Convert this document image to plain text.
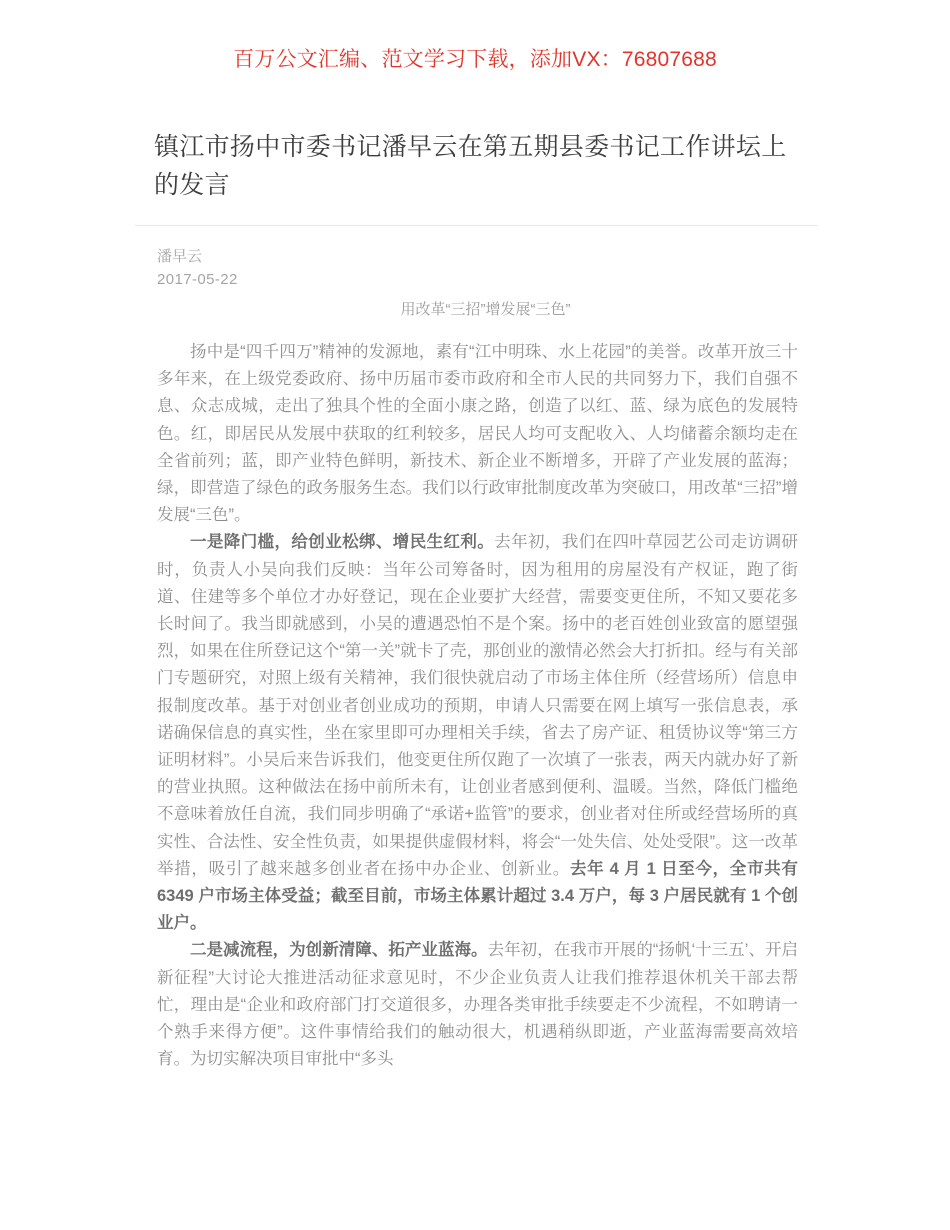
百万公文汇编、范文学习下载，添加VX：76807688
镇江市扬中市委书记潘早云在第五期县委书记工作讲坛上的发言
潘早云
2017-05-22
用改革“三招”增发展“三色”

扬中是“四千四万”精神的发源地，素有“江中明珠、水上花园”的美誉。改革开放三十多年来，在上级党委政府、扬中历届市委市政府和全市人民的共同努力下，我们自强不息、众志成城，走出了独具个性的全面小康之路，创造了以红、蓝、绿为底色的发展特色。红，即居民从发展中获取的红利较多，居民人均可支配收入、人均储蓄余额均走在全省前列；蓝，即产业特色鲜明，新技术、新企业不断增多，开辟了产业发展的蓝海；绿，即营造了绿色的政务服务生态。我们以行政审批制度改革为突破口，用改革“三招”增发展“三色”。

一是降门槛，给创业松绑、增民生红利。去年初，我们在四叶草园艺公司走访调研时，负责人小吴向我们反映：当年公司筹备时，因为租用的房屋没有产权证，跑了街道、住建等多个单位才办好登记，现在企业要扩大经营，需要变更住所，不知又要花多长时间了。我当即就感到，小吴的遭遇恐怕不是个案。扬中的老百姓创业致富的愿望强烈，如果在住所登记这个“第一关”就卡了壳，那创业的激情必然会大打折扣。经与有关部门专题研究，对照上级有关精神，我们很快就启动了市场主体住所（经营场所）信息申报制度改革。基于对创业者创业成功的预期，申请人只需要在网上填写一张信息表，承诺确保信息的真实性，坐在家里即可办理相关手续，省去了房产证、租赁协议等“第三方证明材料”。小吴后来告诉我们，他变更住所仅跑了一次填了一张表，两天内就办好了新的营业执照。这种做法在扬中前所未有，让创业者感到便利、温暖。当然，降低门槛绝不意味着放任自流，我们同步明确了“承诺+监管”的要求，创业者对住所或经营场所的真实性、合法性、安全性负责，如果提供虚假材料，将会“一处失信、处处受限”。这一改革举措，吸引了越来越多创业者在扬中办企业、创新业。去年 4 月 1 日至今，全市共有 6349 户市场主体受益；截至目前，市场主体累计超过 3.4 万户，每 3 户居民就有 1 个创业户。

二是减流程，为创新清障、拓产业蓝海。去年初，在我市开展的“扬帆‘十三五’、开启新征程”大讨论大推进活动征求意见时，不少企业负责人让我们推荐退休机关干部去帮忙，理由是“企业和政府部门打交道很多，办理各类审批手续要走不少流程，不如聘请一个熟手来得方便”。这件事情给我们的触动很大，机遇稍纵即逝，产业蓝海需要高效培育。为切实解决项目审批中“多头
